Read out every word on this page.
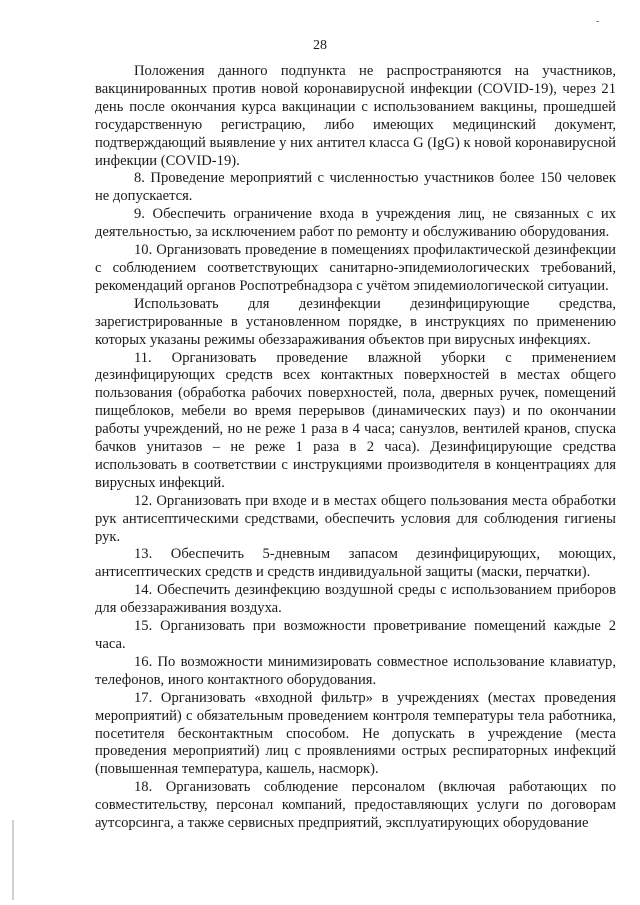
-
28

Положения данного подпункта не распространяются на участников, вакцинированных против новой коронавирусной инфекции (COVID-19), через 21 день после окончания курса вакцинации с использованием вакцины, прошедшей государственную регистрацию, либо имеющих медицинский документ, подтверждающий выявление у них антител класса G (IgG) к новой коронавирусной инфекции (COVID-19).

8. Проведение мероприятий с численностью участников более 150 человек не допускается.

9. Обеспечить ограничение входа в учреждения лиц, не связанных с их деятельностью, за исключением работ по ремонту и обслуживанию оборудования.

10. Организовать проведение в помещениях профилактической дезинфекции с соблюдением соответствующих санитарно-эпидемиологических требований, рекомендаций органов Роспотребнадзора с учётом эпидемиологической ситуации.

Использовать для дезинфекции дезинфицирующие средства, зарегистрированные в установленном порядке, в инструкциях по применению которых указаны режимы обеззараживания объектов при вирусных инфекциях.

11. Организовать проведение влажной уборки с применением дезинфицирующих средств всех контактных поверхностей в местах общего пользования (обработка рабочих поверхностей, пола, дверных ручек, помещений пищеблоков, мебели во время перерывов (динамических пауз) и по окончании работы учреждений, но не реже 1 раза в 4 часа; санузлов, вентилей кранов, спуска бачков унитазов – не реже 1 раза в 2 часа). Дезинфицирующие средства использовать в соответствии с инструкциями производителя в концентрациях для вирусных инфекций.

12. Организовать при входе и в местах общего пользования места обработки рук антисептическими средствами, обеспечить условия для соблюдения гигиены рук.

13. Обеспечить 5-дневным запасом дезинфицирующих, моющих, антисептических средств и средств индивидуальной защиты (маски, перчатки).

14. Обеспечить дезинфекцию воздушной среды с использованием приборов для обеззараживания воздуха.

15. Организовать при возможности проветривание помещений каждые 2 часа.

16. По возможности минимизировать совместное использование клавиатур, телефонов, иного контактного оборудования.

17. Организовать «входной фильтр» в учреждениях (местах проведения мероприятий) с обязательным проведением контроля температуры тела работника, посетителя бесконтактным способом. Не допускать в учреждение (места проведения мероприятий) лиц с проявлениями острых респираторных инфекций (повышенная температура, кашель, насморк).

18. Организовать соблюдение персоналом (включая работающих по совместительству, персонал компаний, предоставляющих услуги по договорам аутсорсинга, а также сервисных предприятий, эксплуатирующих оборудование
